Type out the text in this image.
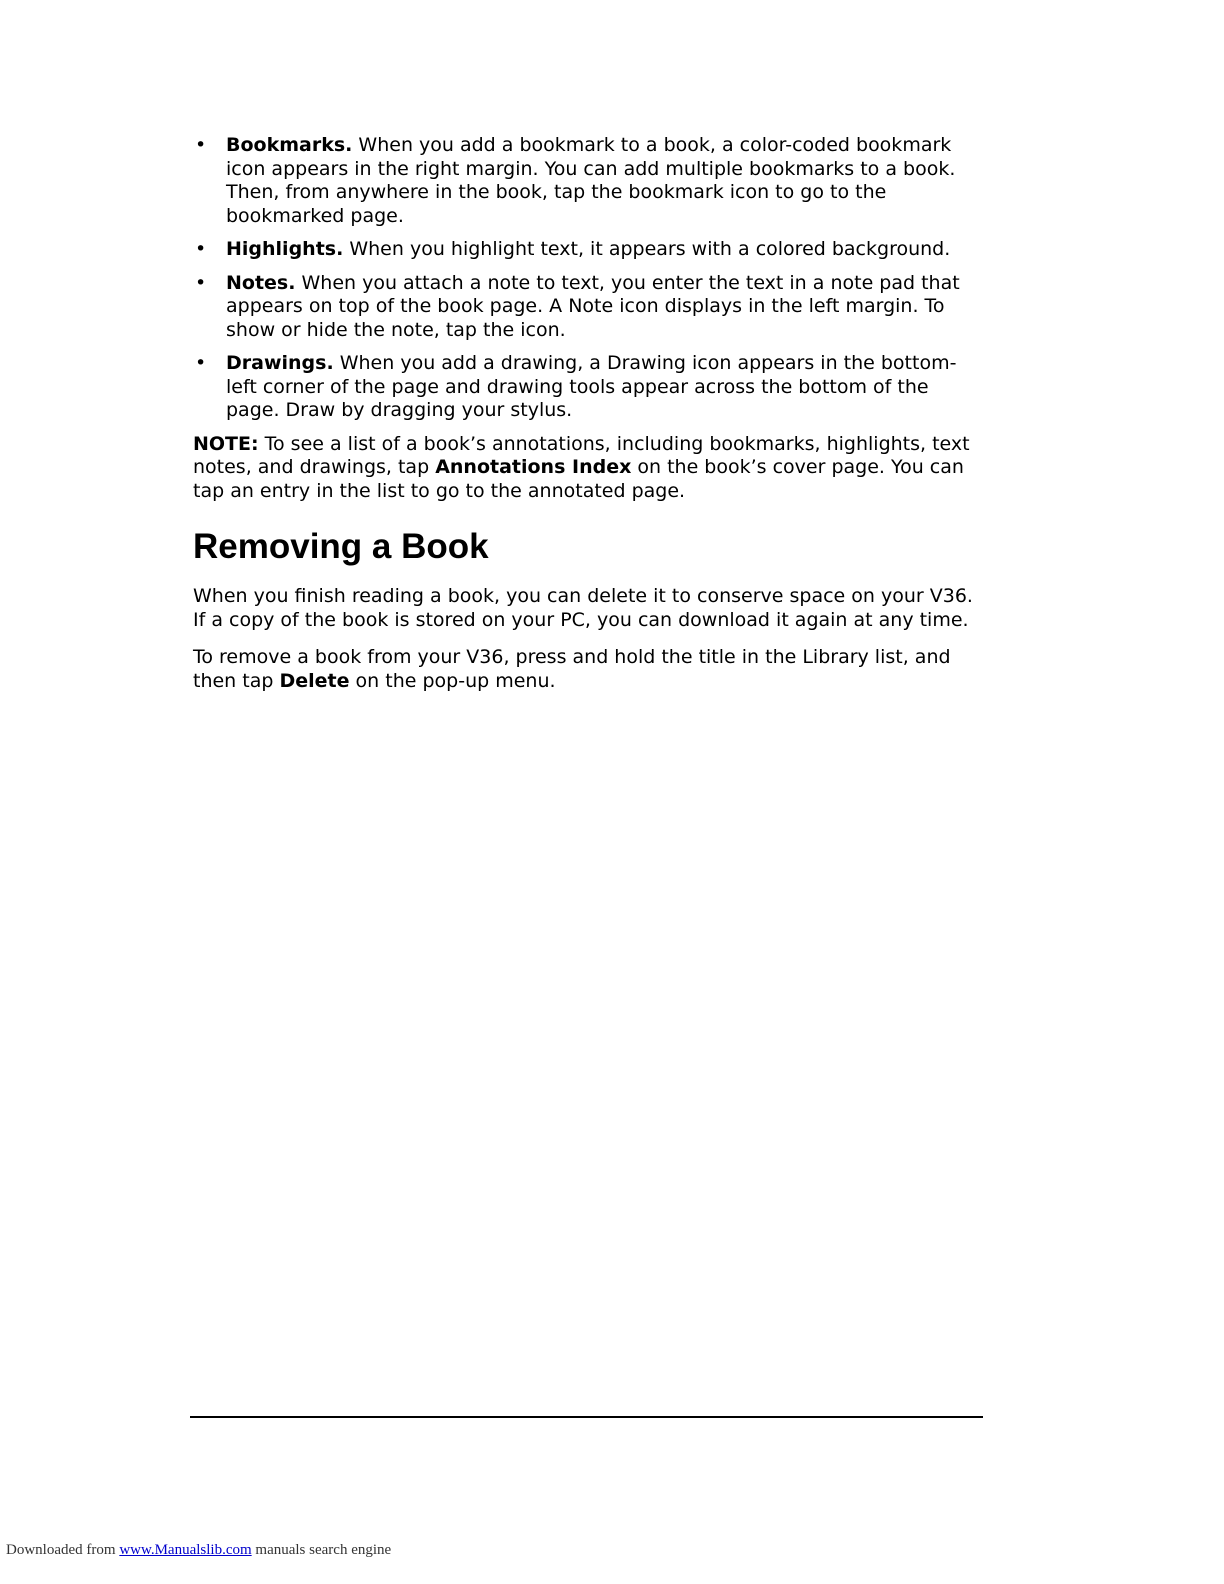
• Bookmarks. When you add a bookmark to a book, a color-coded bookmark icon appears in the right margin. You can add multiple bookmarks to a book. Then, from anywhere in the book, tap the bookmark icon to go to the bookmarked page.
• Highlights. When you highlight text, it appears with a colored background.
• Notes. When you attach a note to text, you enter the text in a note pad that appears on top of the book page. A Note icon displays in the left margin. To show or hide the note, tap the icon.
• Drawings. When you add a drawing, a Drawing icon appears in the bottom-left corner of the page and drawing tools appear across the bottom of the page. Draw by dragging your stylus.

NOTE: To see a list of a book’s annotations, including bookmarks, highlights, text notes, and drawings, tap Annotations Index on the book’s cover page. You can tap an entry in the list to go to the annotated page.

Removing a Book

When you finish reading a book, you can delete it to conserve space on your V36. If a copy of the book is stored on your PC, you can download it again at any time.

To remove a book from your V36, press and hold the title in the Library list, and then tap Delete on the pop-up menu.

Downloaded from www.Manualslib.com manuals search engine
